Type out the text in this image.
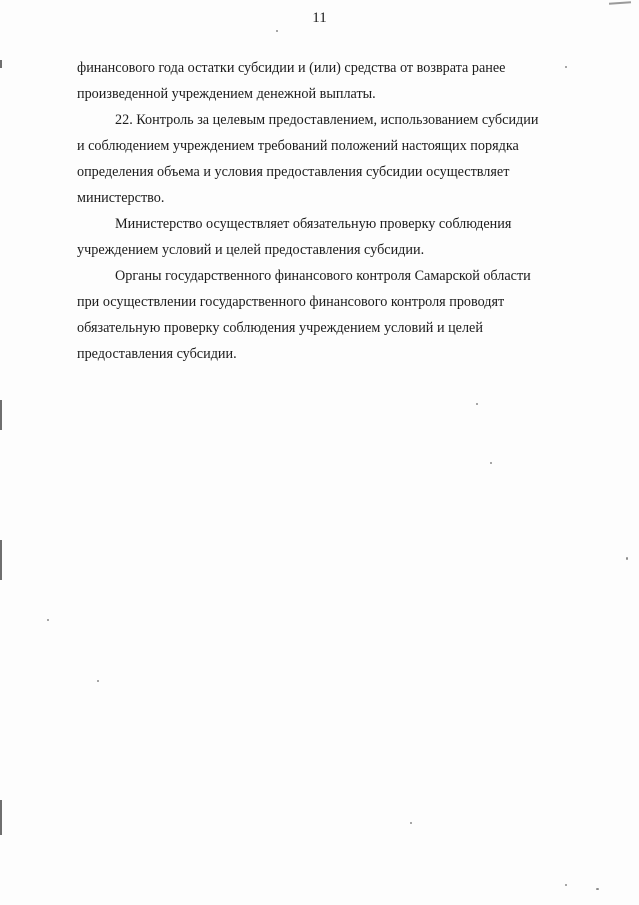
11

финансового года остатки субсидии и (или) средства от возврата ранее
произведенной учреждением денежной выплаты.

22. Контроль за целевым предоставлением, использованием субсидии
и соблюдением учреждением требований положений настоящих порядка
определения объема и условия предоставления субсидии осуществляет
министерство.

Министерство осуществляет обязательную проверку соблюдения
учреждением условий и целей предоставления субсидии.

Органы государственного финансового контроля Самарской области
при осуществлении государственного финансового контроля проводят
обязательную проверку соблюдения учреждением условий и целей
предоставления субсидии.
